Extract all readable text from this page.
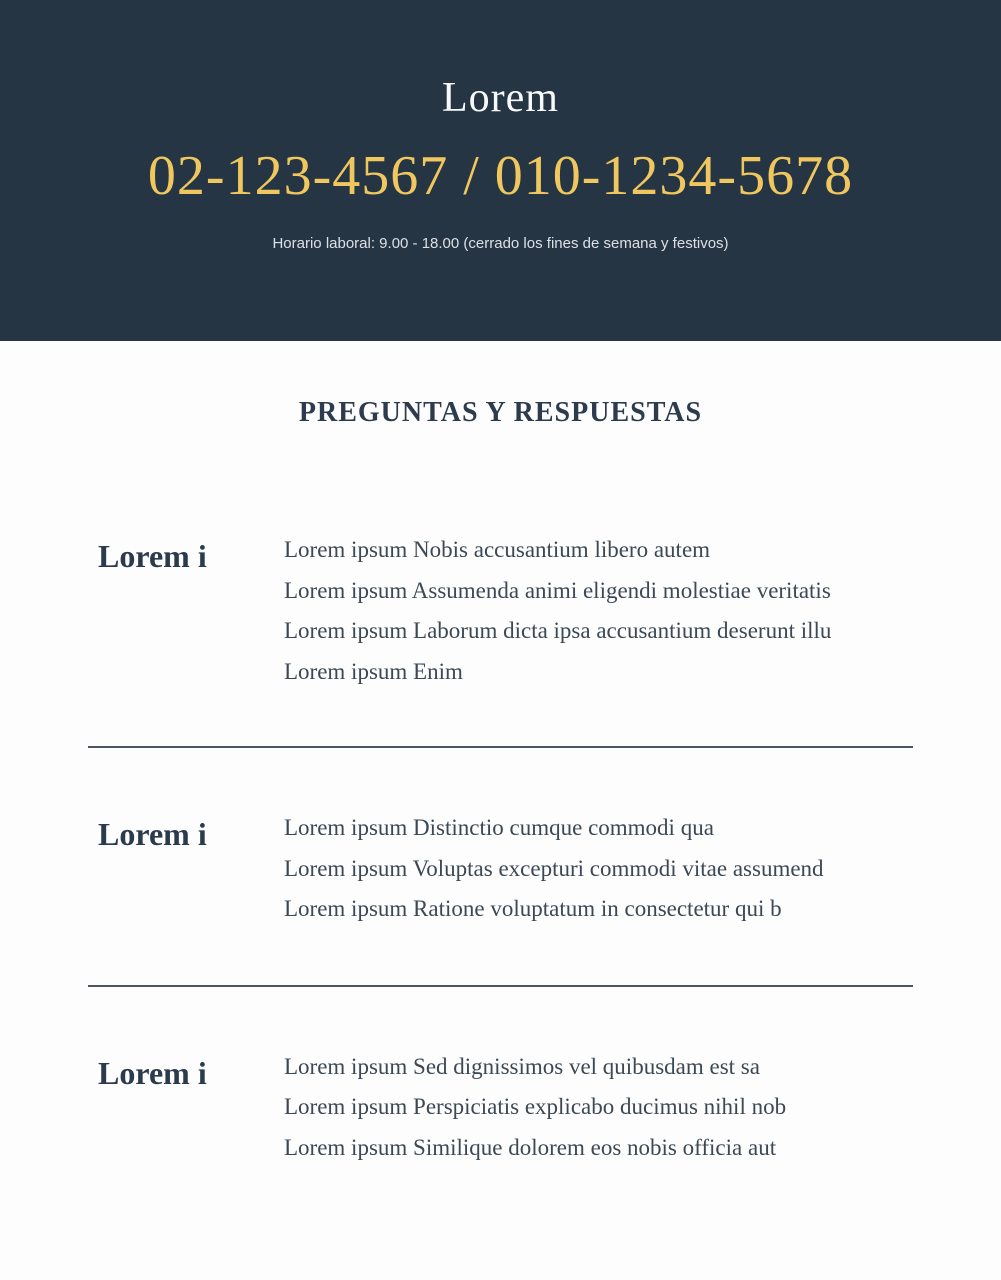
Lorem
02-123-4567 / 010-1234-5678
Horario laboral: 9.00 - 18.00 (cerrado los fines de semana y festivos)
PREGUNTAS Y RESPUESTAS
Lorem i	Lorem ipsum Nobis accusantium libero autem

Lorem ipsum Assumenda animi eligendi molestiae veritatis

Lorem ipsum Laborum dicta ipsa accusantium deserunt illu

Lorem ipsum Enim

Lorem i	Lorem ipsum Distinctio cumque commodi qua

Lorem ipsum Voluptas excepturi commodi vitae assumend

Lorem ipsum Ratione voluptatum in consectetur qui b

Lorem i	Lorem ipsum Sed dignissimos vel quibusdam est sa

Lorem ipsum Perspiciatis explicabo ducimus nihil nob

Lorem ipsum Similique dolorem eos nobis officia aut
